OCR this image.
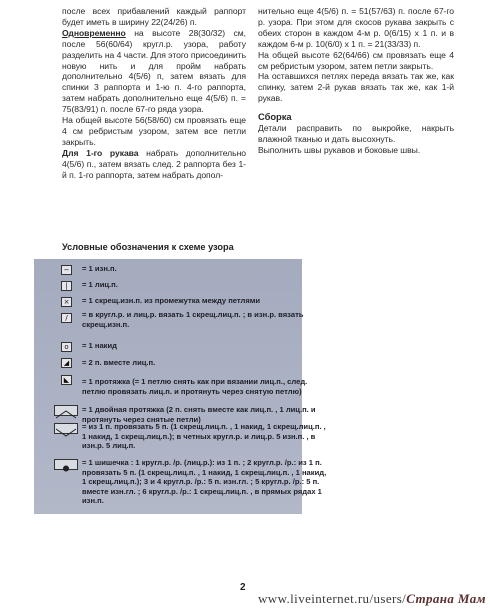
после всех прибавлений каждый раппорт будет иметь в ширину 22(24/26) п.

Одновременно на высоте 28(30/32) см, после 56(60/64) кругл.р. узора, работу разделить на 4 части. Для этого присоединить новую нить и для пройм набрать дополнительно 4(5/6) п, затем вязать для спинки 3 раппорта и 1-ю п. 4-го раппорта, затем набрать дополнительно еще 4(5/6) п. = 75(83/91) п. после 67-го ряда узора.

На общей высоте 56(58/60) см провязать еще 4 см ребристым узором, затем все петли закрыть.

Для 1-го рукава набрать дополнительно 4(5/6) п., затем вязать след. 2 раппорта без 1-й п. 1-го раппорта, затем набрать допол-

нительно еще 4(5/6) п. = 51(57/63) п. после 67-го р. узора. При этом для скосов рукава закрыть с обеих сторон в каждом 4-м р. 0(6/15) x 1 п. и в каждом 6-м р. 10(6/0) x 1 п. = 21(33/33) п.

На общей высоте 62(64/66) см провязать еще 4 см ребристым узором, затем петли закрыть.

На оставшихся петлях переда вязать так же, как спинку, затем 2-й рукав вязать так же, как 1-й рукав.

Сборка

Детали расправить по выкройке, накрыть влажной тканью и дать высохнуть.

Выполнить швы рукавов и боковые швы.

Условные обозначения к схеме узора
−	= 1 изн.п.
|	= 1 лиц.п.
×	= 1 скрещ.изн.п. из промежутка между петлями
/	= в кругл.р. и лиц.р. вязать 1 скрещ.лиц.п. ; в изн.р. вязать скрещ.изн.п.
o	= 1 накид
◢	= 2 п. вместе лиц.п.
◣	= 1 протяжка (= 1 петлю снять как при вязании лиц.п., след. петлю провязать лиц.п. и протянуть через снятую петлю)
= 1 двойная протяжка (2 п. снять вместе как лиц.п. , 1 лиц.п. и протянуть через снятые петли)
= из 1 п. провязать 5 п. (1 скрещ.лиц.п. , 1 накид, 1 скрещ.лиц.п. , 1 накид, 1 скрещ.лиц.п.); в четных кругл.р. и лиц.р. 5 изн.п. , в изн.р. 5 лиц.п.
= 1 шишечка : 1 кругл.р. /р. (лиц.р.): из 1 п. ; 2 кругл.р. /р.: из 1 п. провязать 5 п. (1 скрещ.лиц.п. , 1 накид, 1 скрещ.лиц.п. , 1 накид, 1 скрещ.лиц.п.); 3 и 4 кругл.р. /р.: 5 п. изн.гл. ; 5 кругл.р. /р.: 5 п. вместе изн.гл. ; 6 кругл.р. /р.: 1 скрещ.лиц.п. , в прямых рядах 1 изн.п.
2
www.liveinternet.ru/users/Страна Мам
